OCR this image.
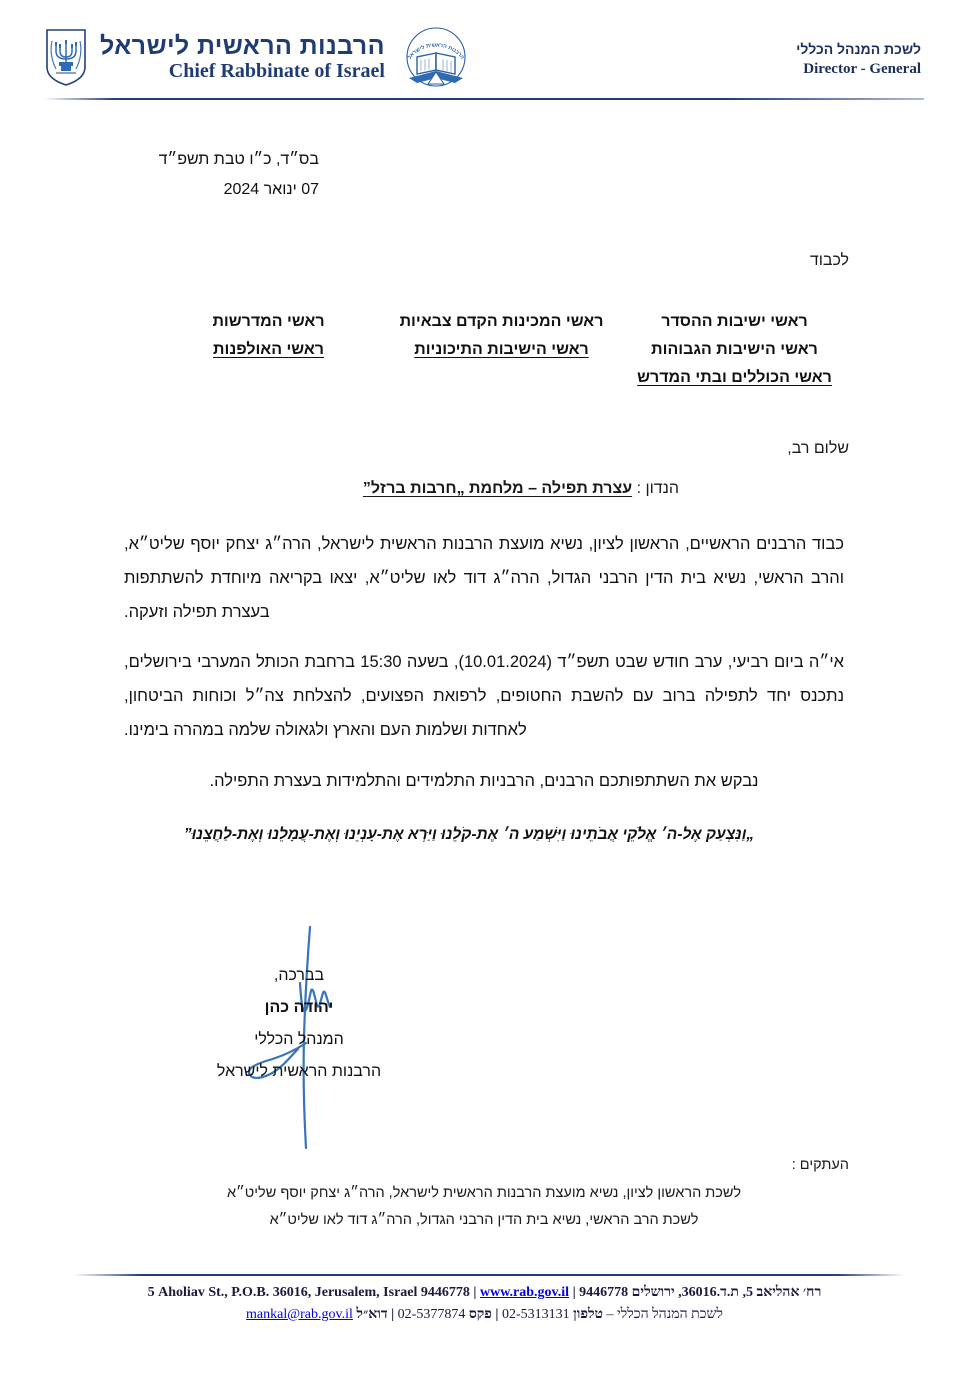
הרבנות הראשית לישראל
הרבנות הראשית לישראל
Chief Rabbinate of Israel
לשכת המנהל הכללי
Director - General
בס״ד, כ״ו טבת תשפ״ד
07 ינואר 2024
לכבוד
ראשי ישיבות ההסדר
ראשי הישיבות הגבוהות
ראשי הכוללים ובתי המדרש
ראשי המכינות הקדם צבאיות
ראשי הישיבות התיכוניות
ראשי המדרשות
ראשי האולפנות
שלום רב,
הנדון : עצרת תפילה – מלחמת „חרבות ברזל”

כבוד הרבנים הראשיים, הראשון לציון, נשיא מועצת הרבנות הראשית לישראל, הרה״ג יצחק יוסף שליט״א, והרב הראשי, נשיא בית הדין הרבני הגדול, הרה״ג דוד לאו שליט״א, יצאו בקריאה מיוחדת להשתתפות בעצרת תפילה וזעקה.

אי״ה ביום רביעי, ערב חודש שבט תשפ״ד (10.01.2024), בשעה 15:30 ברחבת הכותל המערבי בירושלים, נתכנס יחד לתפילה ברוב עם להשבת החטופים, לרפואת הפצועים, להצלחת צה״ל וכוחות הביטחון, לאחדות ושלמות העם והארץ ולגאולה שלמה במהרה בימינו.

נבקש את השתתפותכם הרבנים, הרבניות התלמידים והתלמידות בעצרת התפילה.

„וַנִּצְעַק אֶל-ה׳ אֱלֹקֵי אֲבֹתֵינוּ וַיִּשְׁמַע ה׳ אֶת-קֹלֵנוּ וַיַּרְא אֶת-עָנְיֵנוּ וְאֶת-עֲמָלֵנוּ וְאֶת-לַחֲצֵנוּ”
בברכה,
יהודה כהן
המנהל הכללי
הרבנות הראשית לישראל
העתקים :
לשכת הראשון לציון, נשיא מועצת הרבנות הראשית לישראל, הרה״ג יצחק יוסף שליט״א
לשכת הרב הראשי, נשיא בית הדין הרבני הגדול, הרה״ג דוד לאו שליט״א
רח׳ אהליאב 5, ת.ד.36016, ירושלים 9446778 | 5 Aholiav St., P.O.B. 36016, Jerusalem, Israel 9446778 | www.rab.gov.il
לשכת המנהל הכללי – טלפון 02-5313131 | פקס 02-5377874 | דוא״ל mankal@rab.gov.il
